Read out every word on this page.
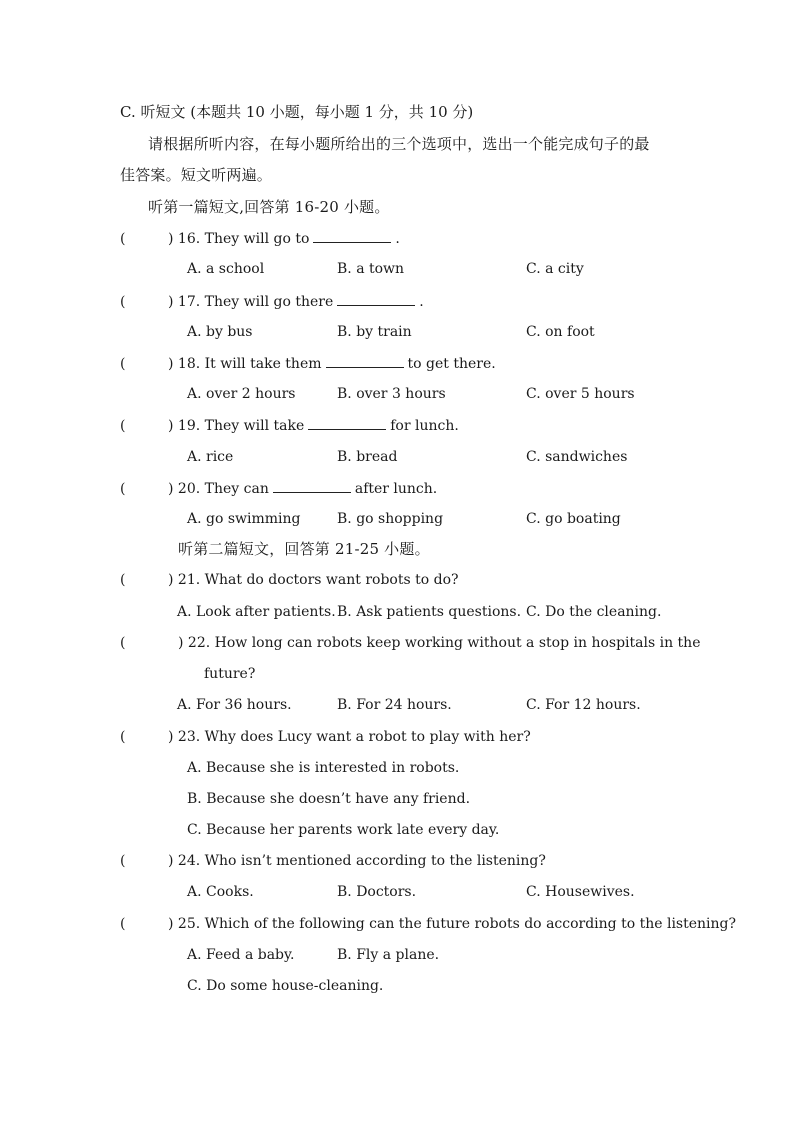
C. 听短文 (本题共 10 小题，每小题 1 分，共 10 分)
请根据所听内容，在每小题所给出的三个选项中，选出一个能完成句子的最
佳答案。短文听两遍。
听第一篇短文,回答第 16-20 小题。
(	) 16. They will go to	.
A. a school	B. a town	C. a city
(	) 17. They will go there	.
A. by bus	B. by train	C. on foot
(	) 18. It will take them	to get there.
A. over 2 hours	B. over 3 hours	C. over 5 hours
(	) 19. They will take	for lunch.
A. rice	B. bread	C. sandwiches
(	) 20. They can	after lunch.
A. go swimming	B. go shopping	C. go boating
听第二篇短文，回答第 21-25 小题。
(	) 21. What do doctors want robots to do?
A. Look after patients. B. Ask patients questions. C. Do the cleaning.
(	) 22. How long can robots keep working without a stop in hospitals in the
future?
A. For 36 hours.	B. For 24 hours.	C. For 12 hours.
(	) 23. Why does Lucy want a robot to play with her?
A. Because she is interested in robots.
B. Because she doesn’t have any friend.
C. Because her parents work late every day.
(	) 24. Who isn’t mentioned according to the listening?
A. Cooks.	B. Doctors.	C. Housewives.
(	) 25. Which of the following can the future robots do according to the listening?
A. Feed a baby.	B. Fly a plane.
C. Do some house-cleaning.
